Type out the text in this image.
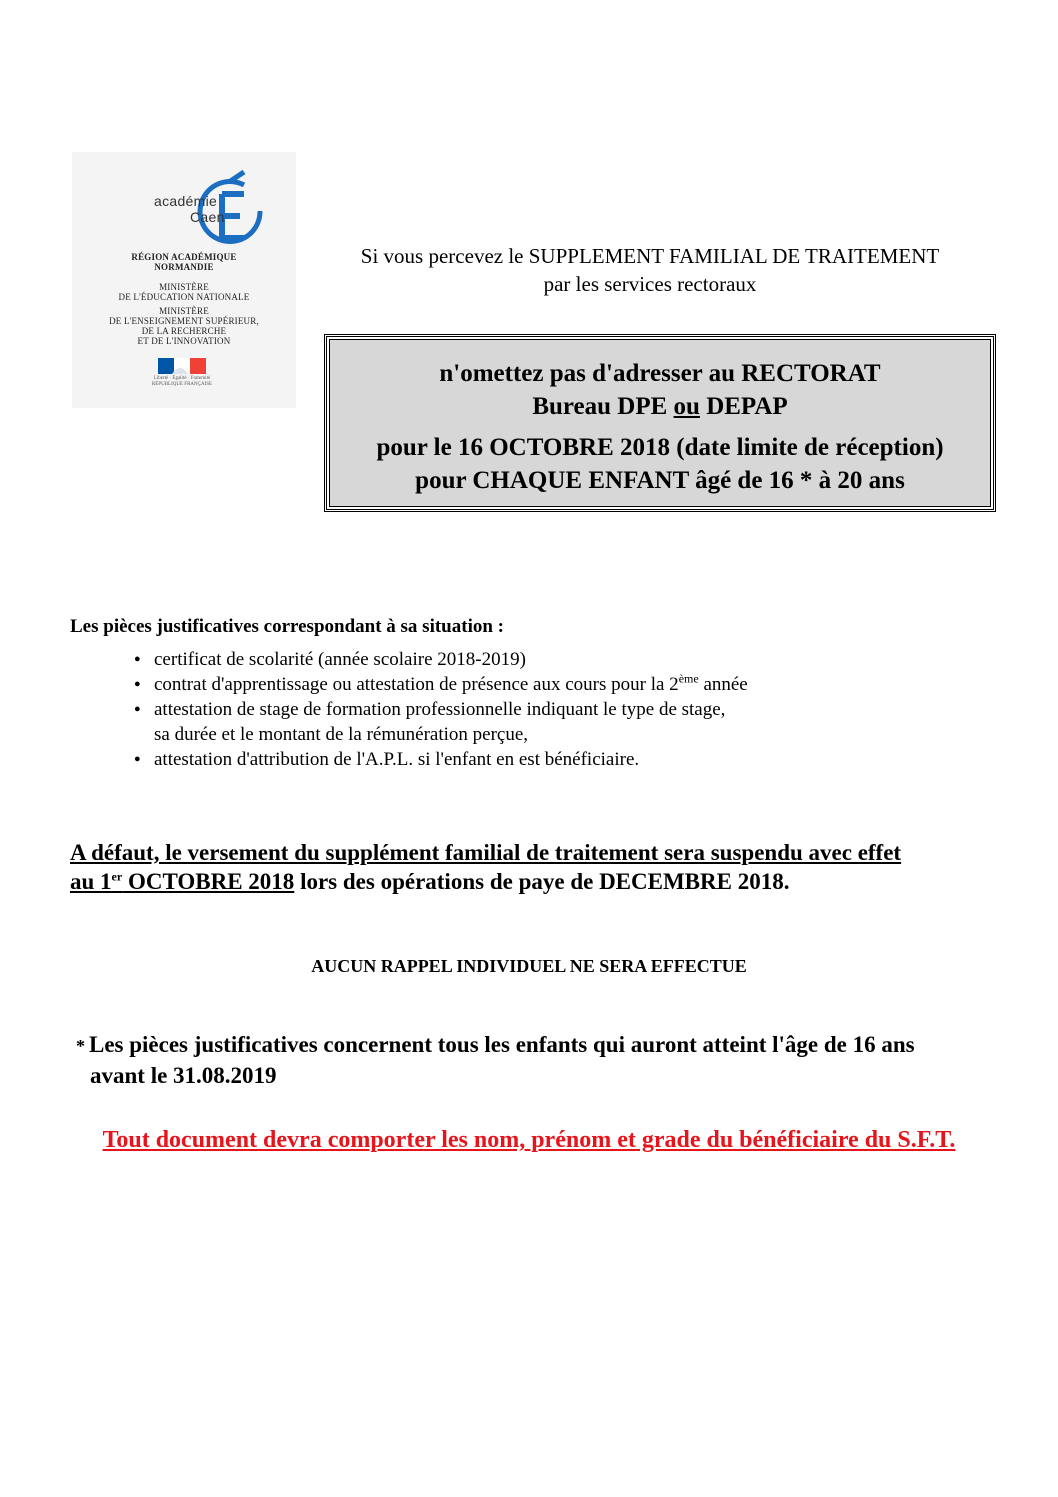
académie
Caen
RÉGION ACADÉMIQUE
NORMANDIE
MINISTÈRE
DE L'ÉDUCATION NATIONALE
MINISTÈRE
DE L'ENSEIGNEMENT SUPÉRIEUR,
DE LA RECHERCHE
ET DE L'INNOVATION
Liberté · Égalité · Fraternité
RÉPUBLIQUE FRANÇAISE
Si vous percevez le SUPPLEMENT FAMILIAL DE TRAITEMENT
par les services rectoraux
n'omettez pas d'adresser au RECTORAT
Bureau DPE ou DEPAP
pour le 16 OCTOBRE 2018 (date limite de réception)
pour CHAQUE ENFANT âgé de 16 * à 20 ans
Les pièces justificatives correspondant à sa situation :
● certificat de scolarité (année scolaire 2018-2019)
● contrat d'apprentissage ou attestation de présence aux cours pour la 2ème année
● attestation de stage de formation professionnelle indiquant le type de stage,
sa durée et le montant de la rémunération perçue,
● attestation d'attribution de l'A.P.L. si l'enfant en est bénéficiaire.
A défaut, le versement du supplément familial de traitement sera suspendu avec effet
au 1er OCTOBRE 2018 lors des opérations de paye de DECEMBRE 2018.
AUCUN RAPPEL INDIVIDUEL NE SERA EFFECTUE
* Les pièces justificatives concernent tous les enfants qui auront atteint l'âge de 16 ans
avant le 31.08.2019
Tout document devra comporter les nom, prénom et grade du bénéficiaire du S.F.T.
